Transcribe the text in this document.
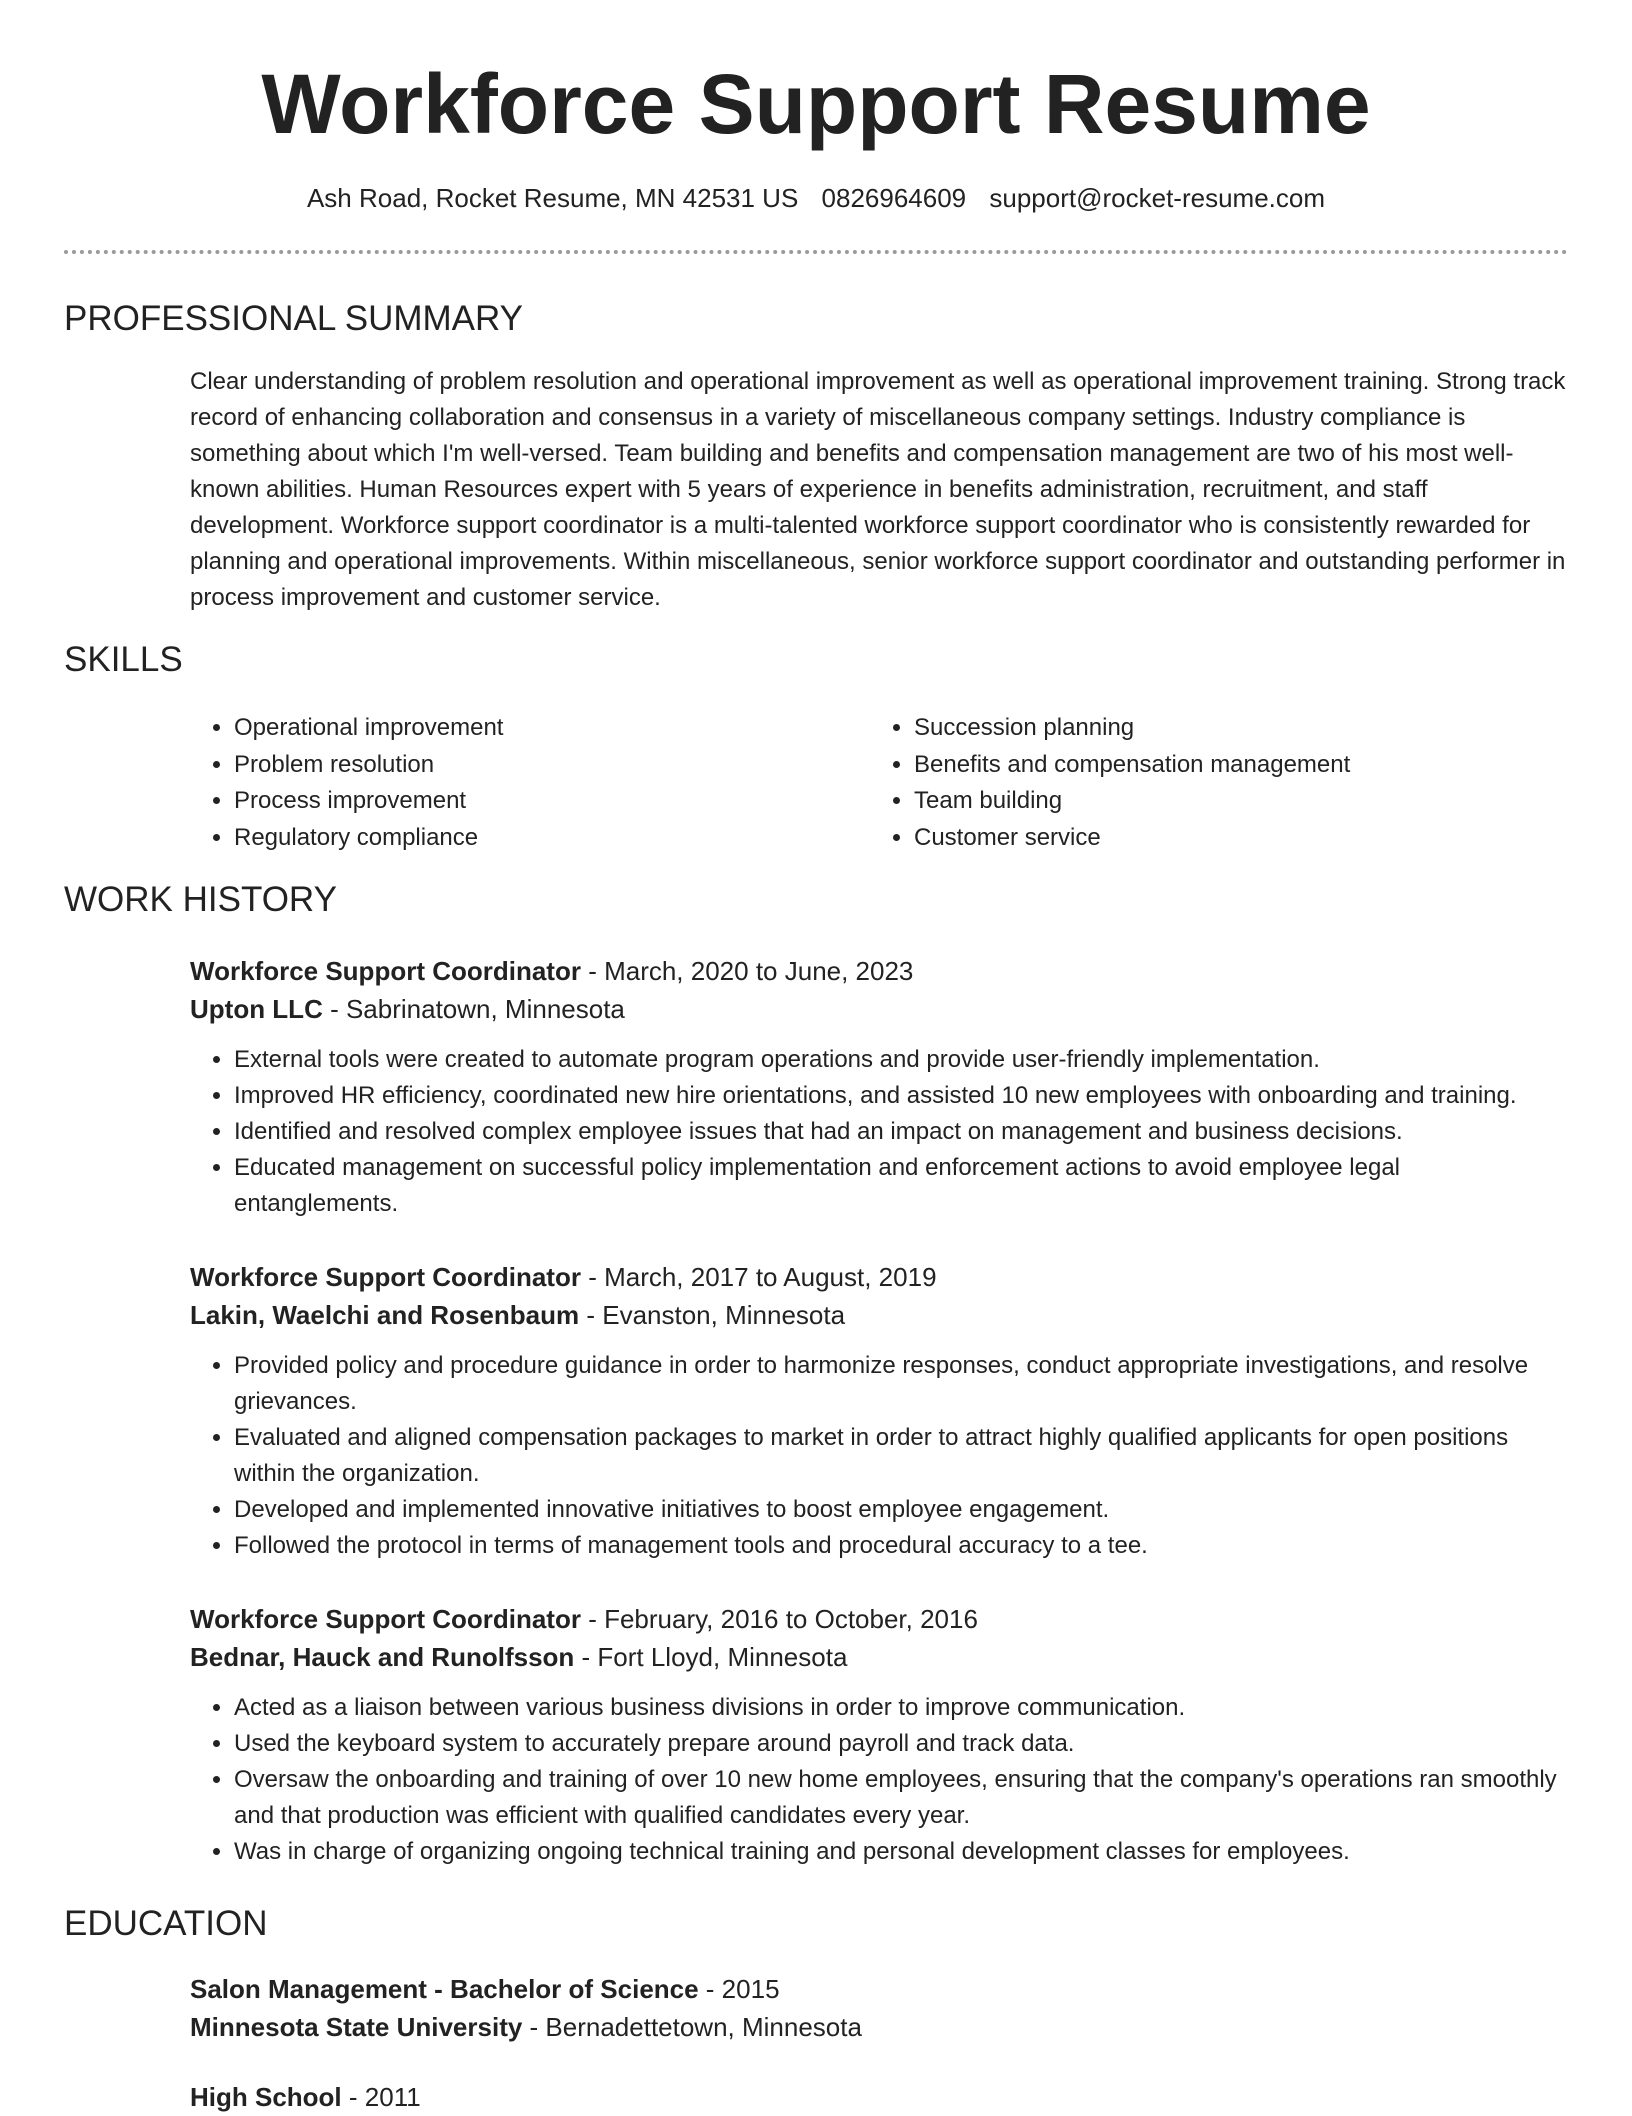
Workforce Support Resume
Ash Road, Rocket Resume, MN 42531 US 0826964609 support@rocket-resume.com
PROFESSIONAL SUMMARY

Clear understanding of problem resolution and operational improvement as well as operational improvement training. Strong track record of enhancing collaboration and consensus in a variety of miscellaneous company settings. Industry compliance is something about which I'm well-versed. Team building and benefits and compensation management are two of his most well-known abilities. Human Resources expert with 5 years of experience in benefits administration, recruitment, and staff development. Workforce support coordinator is a multi-talented workforce support coordinator who is consistently rewarded for planning and operational improvements. Within miscellaneous, senior workforce support coordinator and outstanding performer in process improvement and customer service.

SKILLS
• Operational improvement
• Problem resolution
• Process improvement
• Regulatory compliance
• Succession planning
• Benefits and compensation management
• Team building
• Customer service
WORK HISTORY

Workforce Support Coordinator - March, 2020 to June, 2023

Upton LLC - Sabrinatown, Minnesota

• External tools were created to automate program operations and provide user-friendly implementation.
• Improved HR efficiency, coordinated new hire orientations, and assisted 10 new employees with onboarding and training.
• Identified and resolved complex employee issues that had an impact on management and business decisions.
• Educated management on successful policy implementation and enforcement actions to avoid employee legal entanglements.

Workforce Support Coordinator - March, 2017 to August, 2019

Lakin, Waelchi and Rosenbaum - Evanston, Minnesota

• Provided policy and procedure guidance in order to harmonize responses, conduct appropriate investigations, and resolve grievances.
• Evaluated and aligned compensation packages to market in order to attract highly qualified applicants for open positions within the organization.
• Developed and implemented innovative initiatives to boost employee engagement.
• Followed the protocol in terms of management tools and procedural accuracy to a tee.

Workforce Support Coordinator - February, 2016 to October, 2016

Bednar, Hauck and Runolfsson - Fort Lloyd, Minnesota

• Acted as a liaison between various business divisions in order to improve communication.
• Used the keyboard system to accurately prepare around payroll and track data.
• Oversaw the onboarding and training of over 10 new home employees, ensuring that the company's operations ran smoothly and that production was efficient with qualified candidates every year.
• Was in charge of organizing ongoing technical training and personal development classes for employees.
EDUCATION

Salon Management - Bachelor of Science - 2015

Minnesota State University - Bernadettetown, Minnesota

High School - 2011
